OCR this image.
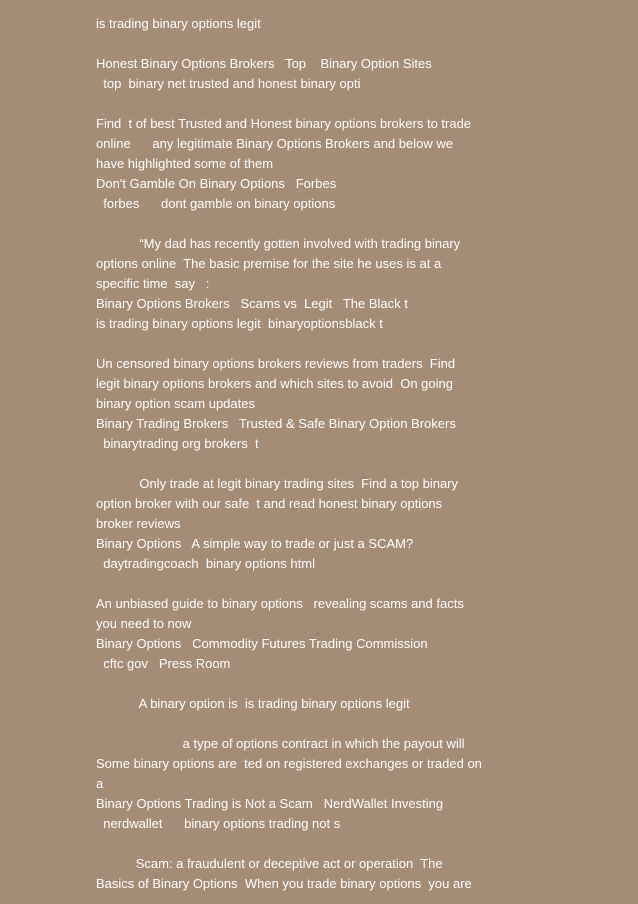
is trading binary options legit

Honest Binary Options Brokers   Top    Binary Option Sites

top  binary net trusted and honest binary opti

Find  t of best Trusted and Honest binary options brokers to trade

online      any legitimate Binary Options Brokers and below we

have highlighted some of them

Don't Gamble On Binary Options   Forbes

forbes      dont gamble on binary options

“My dad has recently gotten involved with trading binary

options online  The basic premise for the site he uses is at a

specific time  say   :

Binary Options Brokers   Scams vs  Legit   The Black t

is trading binary options legit  binaryoptionsblack t

Un censored binary options brokers reviews from traders  Find

legit binary options brokers and which sites to avoid  On going

binary option scam updates

Binary Trading Brokers   Trusted & Safe Binary Option Brokers

binarytrading org brokers  t

Only trade at legit binary trading sites  Find a top binary

option broker with our safe  t and read honest binary options

broker reviews

Binary Options   A simple way to trade or just a SCAM?

daytradingcoach  binary options html

An unbiased guide to binary options   revealing scams and facts

you need to now

Binary Options   Commodity Futures Trading Commission

cftc gov   Press Room

A binary option is  is trading binary options legit

a type of options contract in which the payout will

Some binary options are  ted on registered exchanges or traded on

a

Binary Options Trading is Not a Scam   NerdWallet Investing

nerdwallet      binary options trading not s

Scam: a fraudulent or deceptive act or operation  The

Basics of Binary Options  When you trade binary options  you are
